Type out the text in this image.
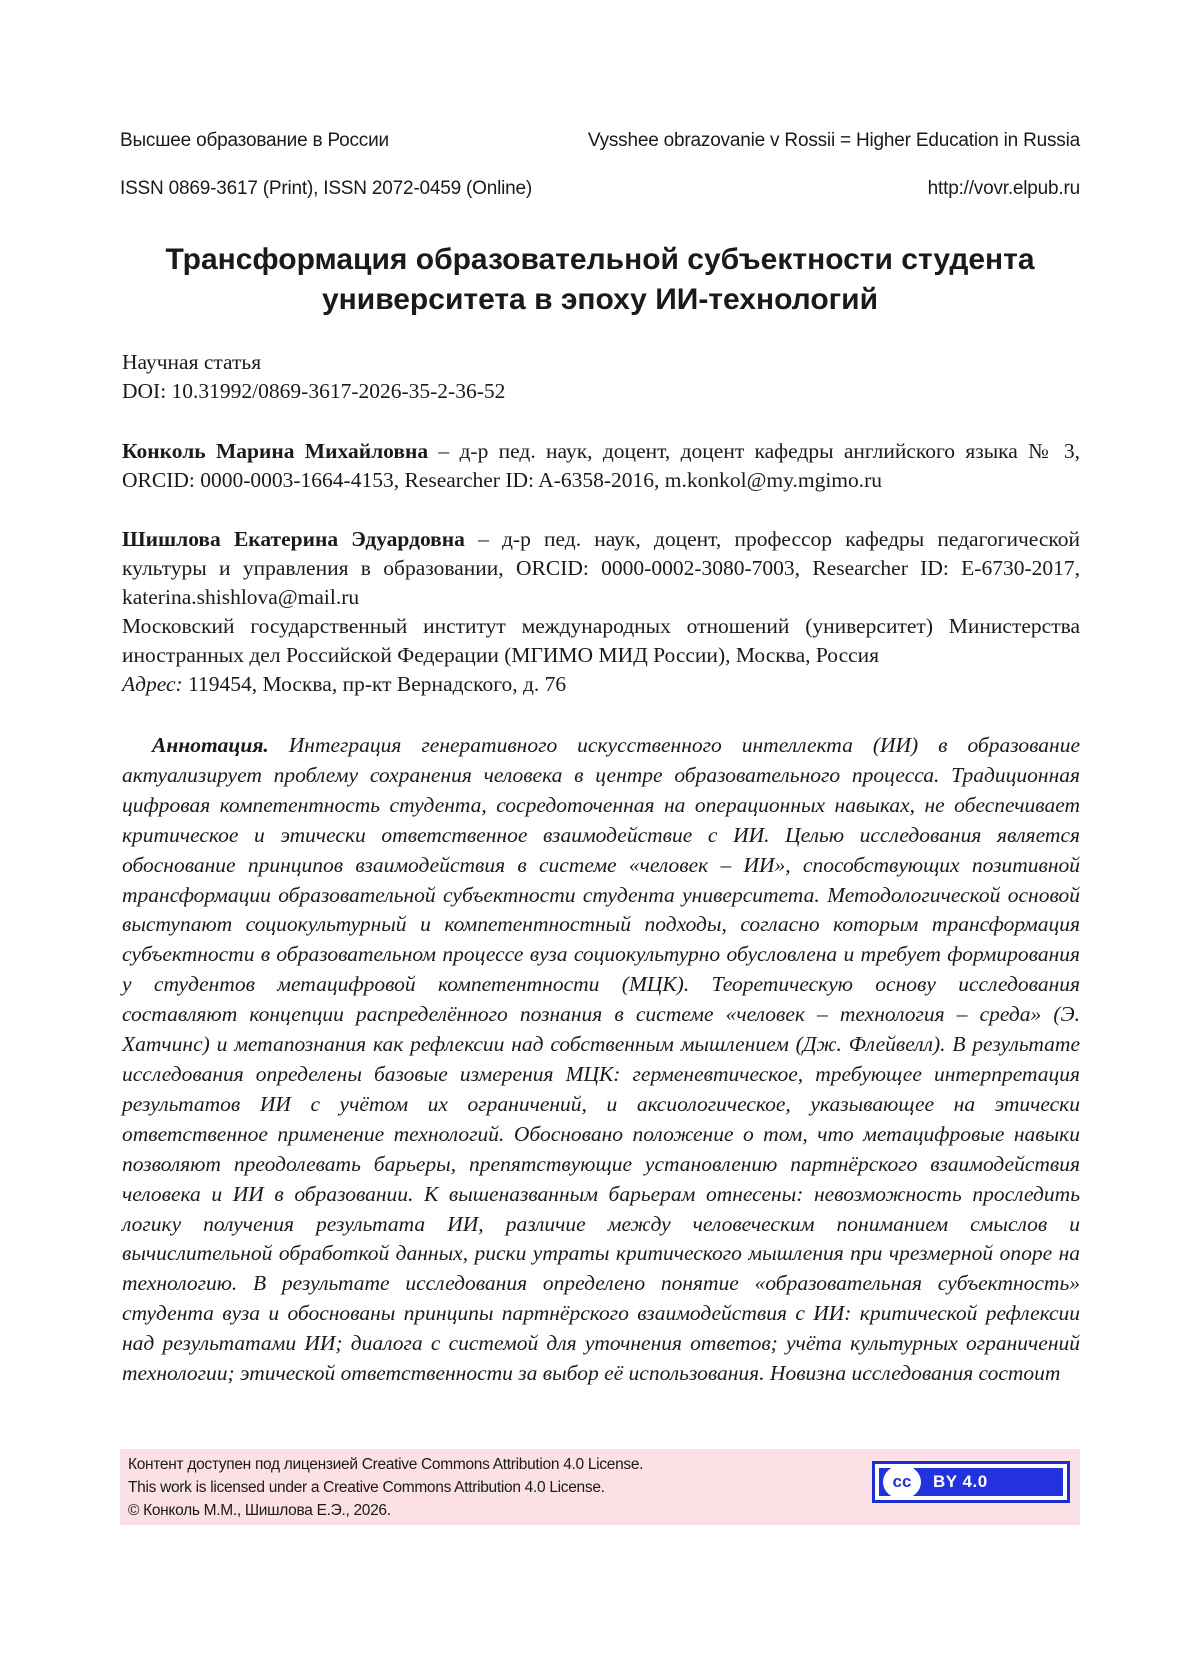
Высшее образование в России	Vysshee obrazovanie v Rossii = Higher Education in Russia
ISSN 0869-3617 (Print), ISSN 2072-0459 (Online)	http://vovr.elpub.ru
Трансформация образовательной субъектности студента
университета в эпоху ИИ-технологий
Научная статья
DOI: 10.31992/0869-3617-2026-35-2-36-52
Конколь Марина Михайловна – д-р пед. наук, доцент, доцент кафедры английского языка № 3, ORCID: 0000-0003-1664-4153, Researcher ID: A-6358-2016, m.konkol@my.mgimo.ru
Шишлова Екатерина Эдуардовна – д-р пед. наук, доцент, профессор кафедры педагогической культуры и управления в образовании, ORCID: 0000-0002-3080-7003, Researcher ID: E-6730-2017, katerina.shishlova@mail.ru
Московский государственный институт международных отношений (университет) Министерства иностранных дел Российской Федерации (МГИМО МИД России), Москва, Россия
Адрес: 119454, Москва, пр-кт Вернадского, д. 76
Аннотация. Интеграция генеративного искусственного интеллекта (ИИ) в образование актуализирует проблему сохранения человека в центре образовательного процесса. Традиционная цифровая компетентность студента, сосредоточенная на операционных навыках, не обеспечивает критическое и этически ответственное взаимодействие с ИИ. Целью исследования является обоснование принципов взаимодействия в системе «человек – ИИ», способствующих позитивной трансформации образовательной субъектности студента университета. Методологической основой выступают социокультурный и компетентностный подходы, согласно которым трансформация субъектности в образовательном процессе вуза социокультурно обусловлена и требует формирования у студентов метацифровой компетентности (МЦК). Теоретическую основу исследования составляют концепции распределённого познания в системе «человек – технология – среда» (Э. Хатчинс) и метапознания как рефлексии над собственным мышлением (Дж. Флейвелл). В результате исследования определены базовые измерения МЦК: герменевтическое, требующее интерпретация результатов ИИ с учётом их ограничений, и аксиологическое, указывающее на этически ответственное применение технологий. Обосновано положение о том, что метацифровые навыки позволяют преодолевать барьеры, препятствующие установлению партнёрского взаимодействия человека и ИИ в образовании. К вышеназванным барьерам отнесены: невозможность проследить логику получения результата ИИ, различие между человеческим пониманием смыслов и вычислительной обработкой данных, риски утраты критического мышления при чрезмерной опоре на технологию. В результате исследования определено понятие «образовательная субъектность» студента вуза и обоснованы принципы партнёрского взаимодействия с ИИ: критической рефлексии над результатами ИИ; диалога с системой для уточнения ответов; учёта культурных ограничений технологии; этической ответственности за выбор её использования. Новизна исследования состоит
Контент доступен под лицензией Creative Commons Attribution 4.0 License.
This work is licensed under a Creative Commons Attribution 4.0 License.
© Конколь М.М., Шишлова Е.Э., 2026.
cc	BY 4.0
